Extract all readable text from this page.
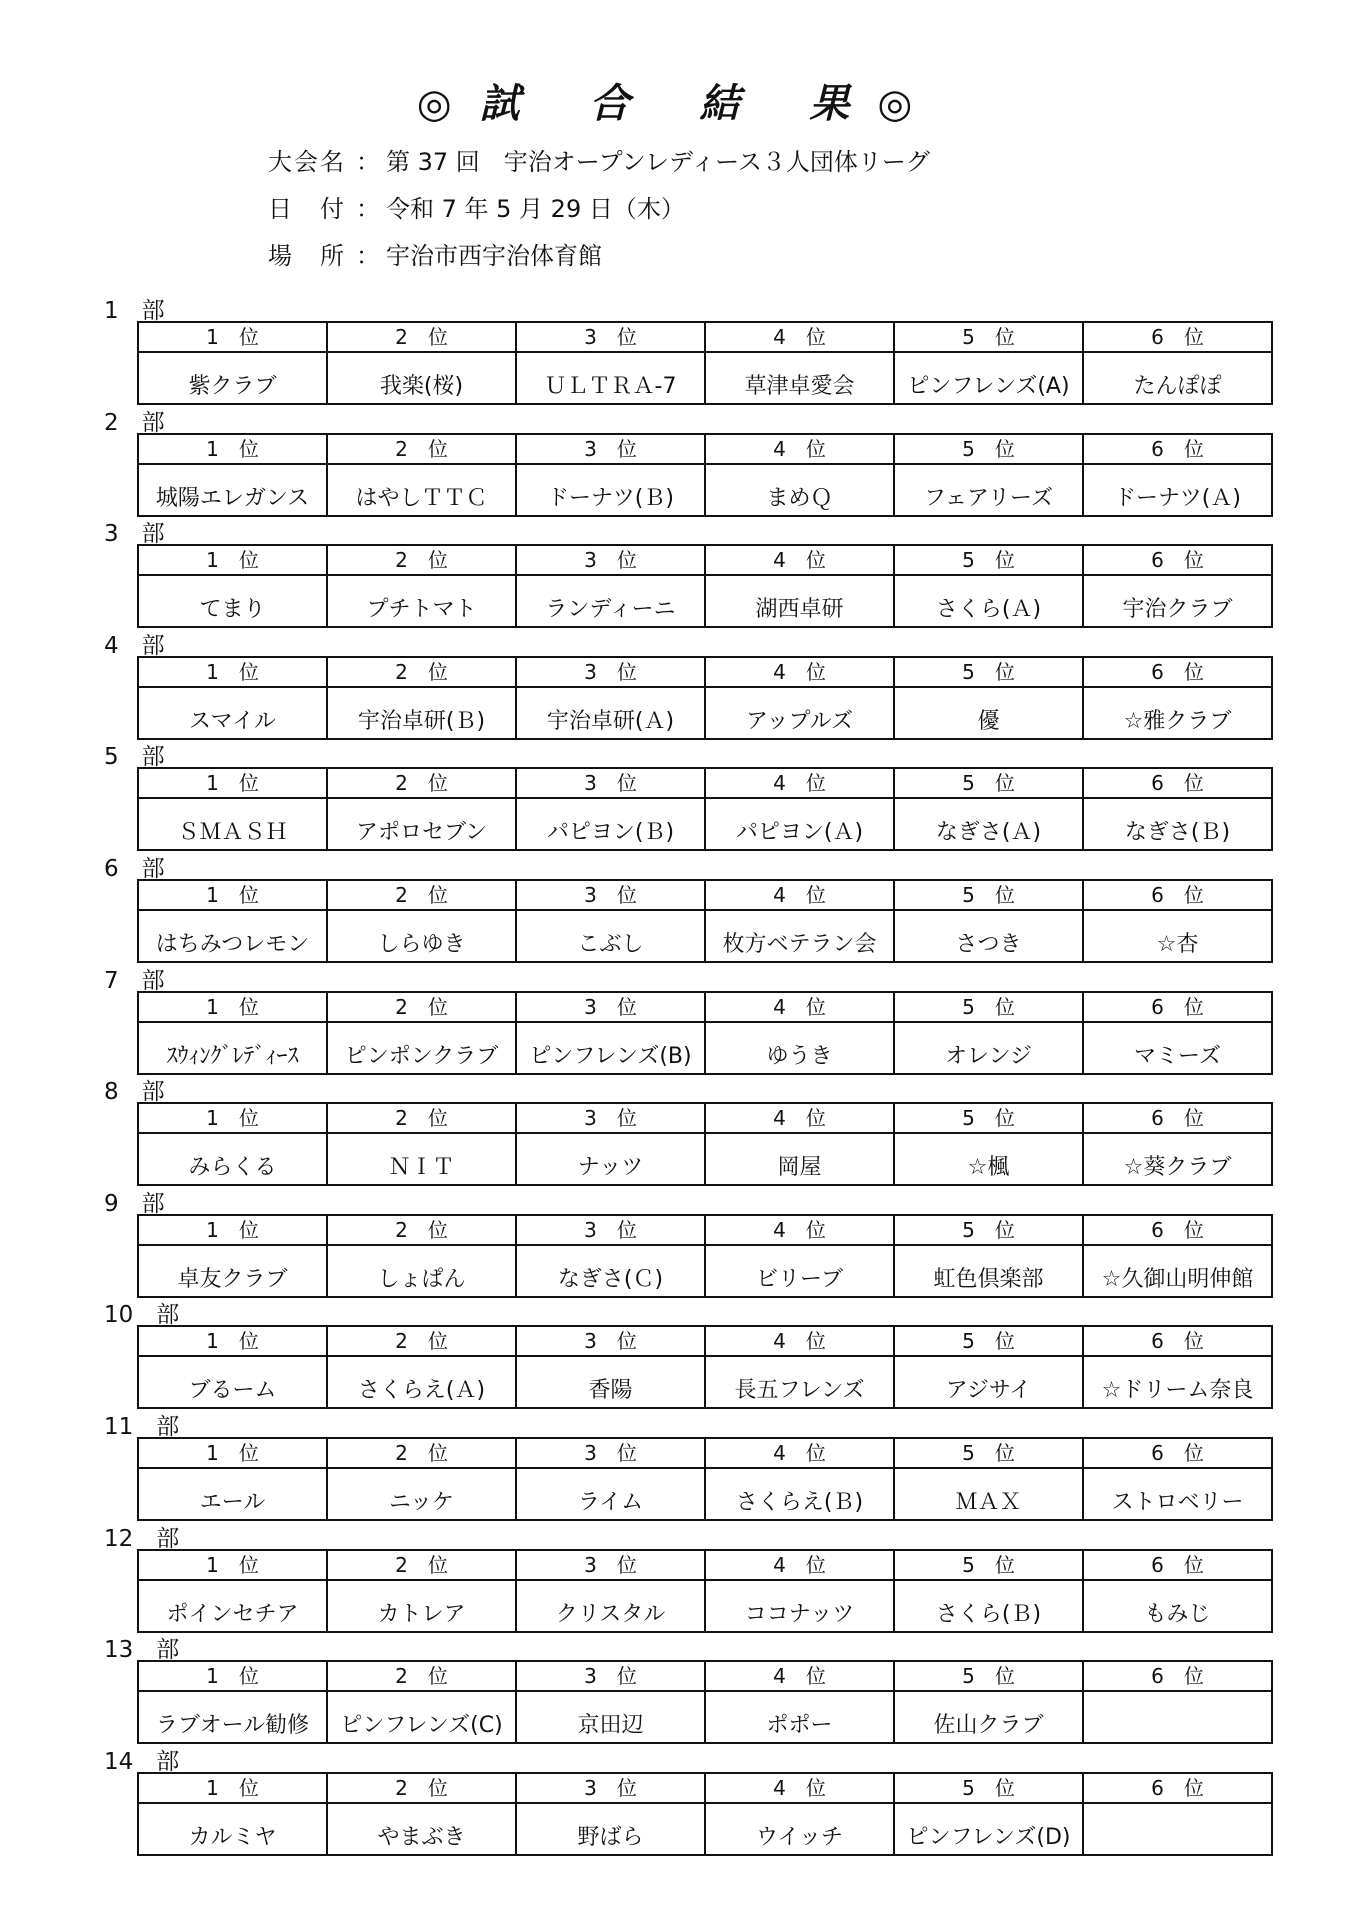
◎試 合 結 果◎
大会名 ： 第 37 回　宇治オープンレディース３人団体リーグ
日　付 ： 令和 7 年 5 月 29 日（木）
場　所 ： 宇治市西宇治体育館
1　部
1　位	2　位	3　位	4　位	5　位	6　位
紫クラブ	我楽(桜)	ＵＬＴＲＡ-7	草津卓愛会	ピンフレンズ(A)	たんぽぽ
2　部
1　位	2　位	3　位	4　位	5　位	6　位
城陽エレガンス	はやしＴＴＣ	ドーナツ(Ｂ)	まめＱ	フェアリーズ	ドーナツ(Ａ)
3　部
1　位	2　位	3　位	4　位	5　位	6　位
てまり	プチトマト	ランディーニ	湖西卓研	さくら(Ａ)	宇治クラブ
4　部
1　位	2　位	3　位	4　位	5　位	6　位
スマイル	宇治卓研(Ｂ)	宇治卓研(Ａ)	アップルズ	優	☆雅クラブ
5　部
1　位	2　位	3　位	4　位	5　位	6　位
ＳＭＡＳＨ	アポロセブン	パピヨン(Ｂ)	パピヨン(Ａ)	なぎさ(Ａ)	なぎさ(Ｂ)
6　部
1　位	2　位	3　位	4　位	5　位	6　位
はちみつレモン	しらゆき	こぶし	枚方ベテラン会	さつき	☆杏
7　部
1　位	2　位	3　位	4　位	5　位	6　位
ｽｳｨﾝｸﾞﾚﾃﾞｨｰｽ	ピンポンクラブ	ピンフレンズ(B)	ゆうき	オレンジ	マミーズ
8　部
1　位	2　位	3　位	4　位	5　位	6　位
みらくる	ＮＩＴ	ナッツ	岡屋	☆楓	☆葵クラブ
9　部
1　位	2　位	3　位	4　位	5　位	6　位
卓友クラブ	しょぱん	なぎさ(Ｃ)	ビリーブ	虹色倶楽部	☆久御山明伸館
10　部
1　位	2　位	3　位	4　位	5　位	6　位
ブるーム	さくらえ(Ａ)	香陽	長五フレンズ	アジサイ	☆ドリーム奈良
11　部
1　位	2　位	3　位	4　位	5　位	6　位
エール	ニッケ	ライム	さくらえ(Ｂ)	ＭＡＸ	ストロベリー
12　部
1　位	2　位	3　位	4　位	5　位	6　位
ポインセチア	カトレア	クリスタル	ココナッツ	さくら(Ｂ)	もみじ
13　部
1　位	2　位	3　位	4　位	5　位	6　位
ラブオール勧修	ピンフレンズ(C)	京田辺	ポポー	佐山クラブ	
14　部
1　位	2　位	3　位	4　位	5　位	6　位
カルミヤ	やまぶき	野ばら	ウイッチ	ピンフレンズ(D)	
